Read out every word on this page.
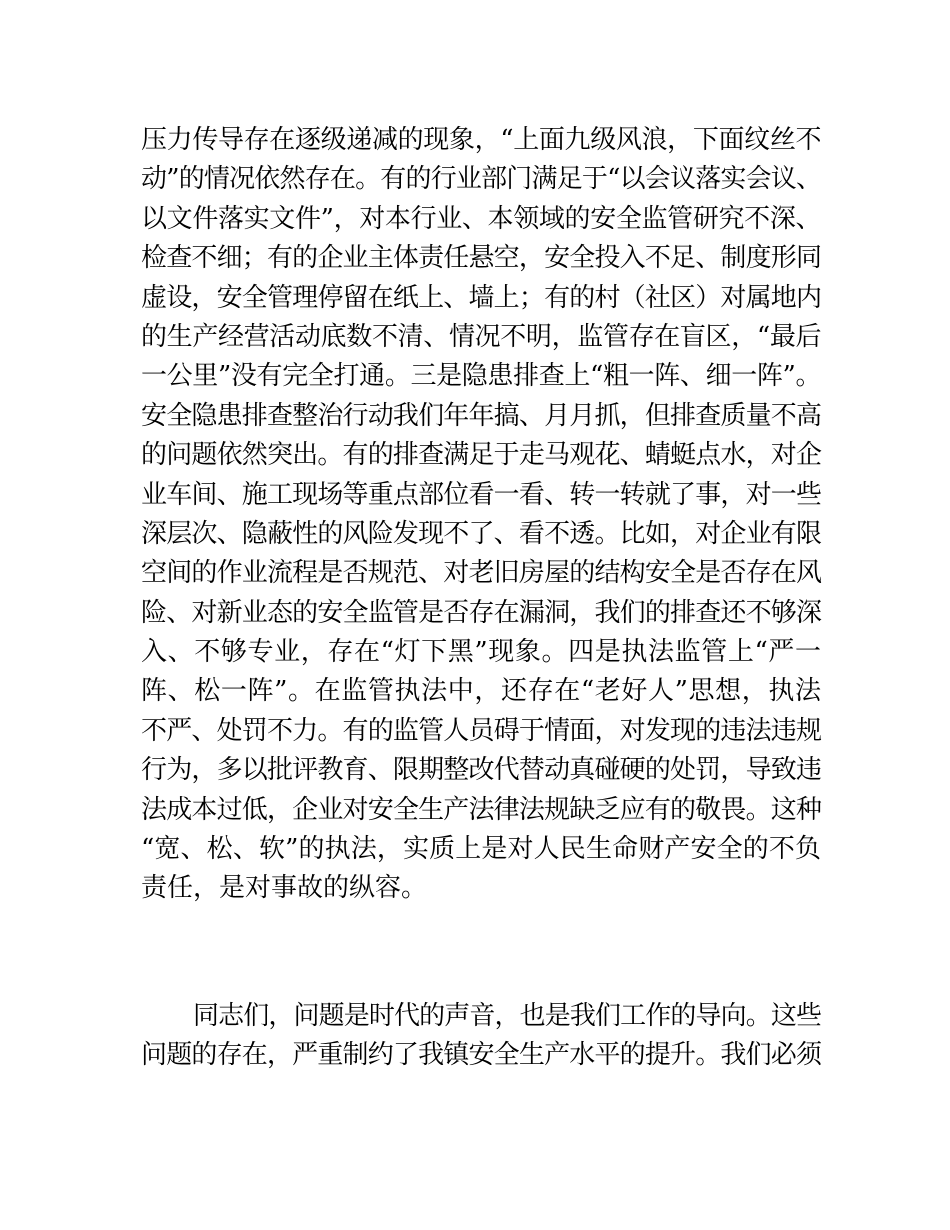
压力传导存在逐级递减的现象，“上面九级风浪，下面纹丝不
动”的情况依然存在。有的行业部门满足于“以会议落实会议、
以文件落实文件”，对本行业、本领域的安全监管研究不深、
检查不细；有的企业主体责任悬空，安全投入不足、制度形同
虚设，安全管理停留在纸上、墙上；有的村（社区）对属地内
的生产经营活动底数不清、情况不明，监管存在盲区，“最后
一公里”没有完全打通。三是隐患排查上“粗一阵、细一阵”。
安全隐患排查整治行动我们年年搞、月月抓，但排查质量不高
的问题依然突出。有的排查满足于走马观花、蜻蜓点水，对企
业车间、施工现场等重点部位看一看、转一转就了事，对一些
深层次、隐蔽性的风险发现不了、看不透。比如，对企业有限
空间的作业流程是否规范、对老旧房屋的结构安全是否存在风
险、对新业态的安全监管是否存在漏洞，我们的排查还不够深
入、不够专业，存在“灯下黑”现象。四是执法监管上“严一
阵、松一阵”。在监管执法中，还存在“老好人”思想，执法
不严、处罚不力。有的监管人员碍于情面，对发现的违法违规
行为，多以批评教育、限期整改代替动真碰硬的处罚，导致违
法成本过低，企业对安全生产法律法规缺乏应有的敬畏。这种
“宽、松、软”的执法，实质上是对人民生命财产安全的不负
责任，是对事故的纵容。
同志们，问题是时代的声音，也是我们工作的导向。这些
问题的存在，严重制约了我镇安全生产水平的提升。我们必须
